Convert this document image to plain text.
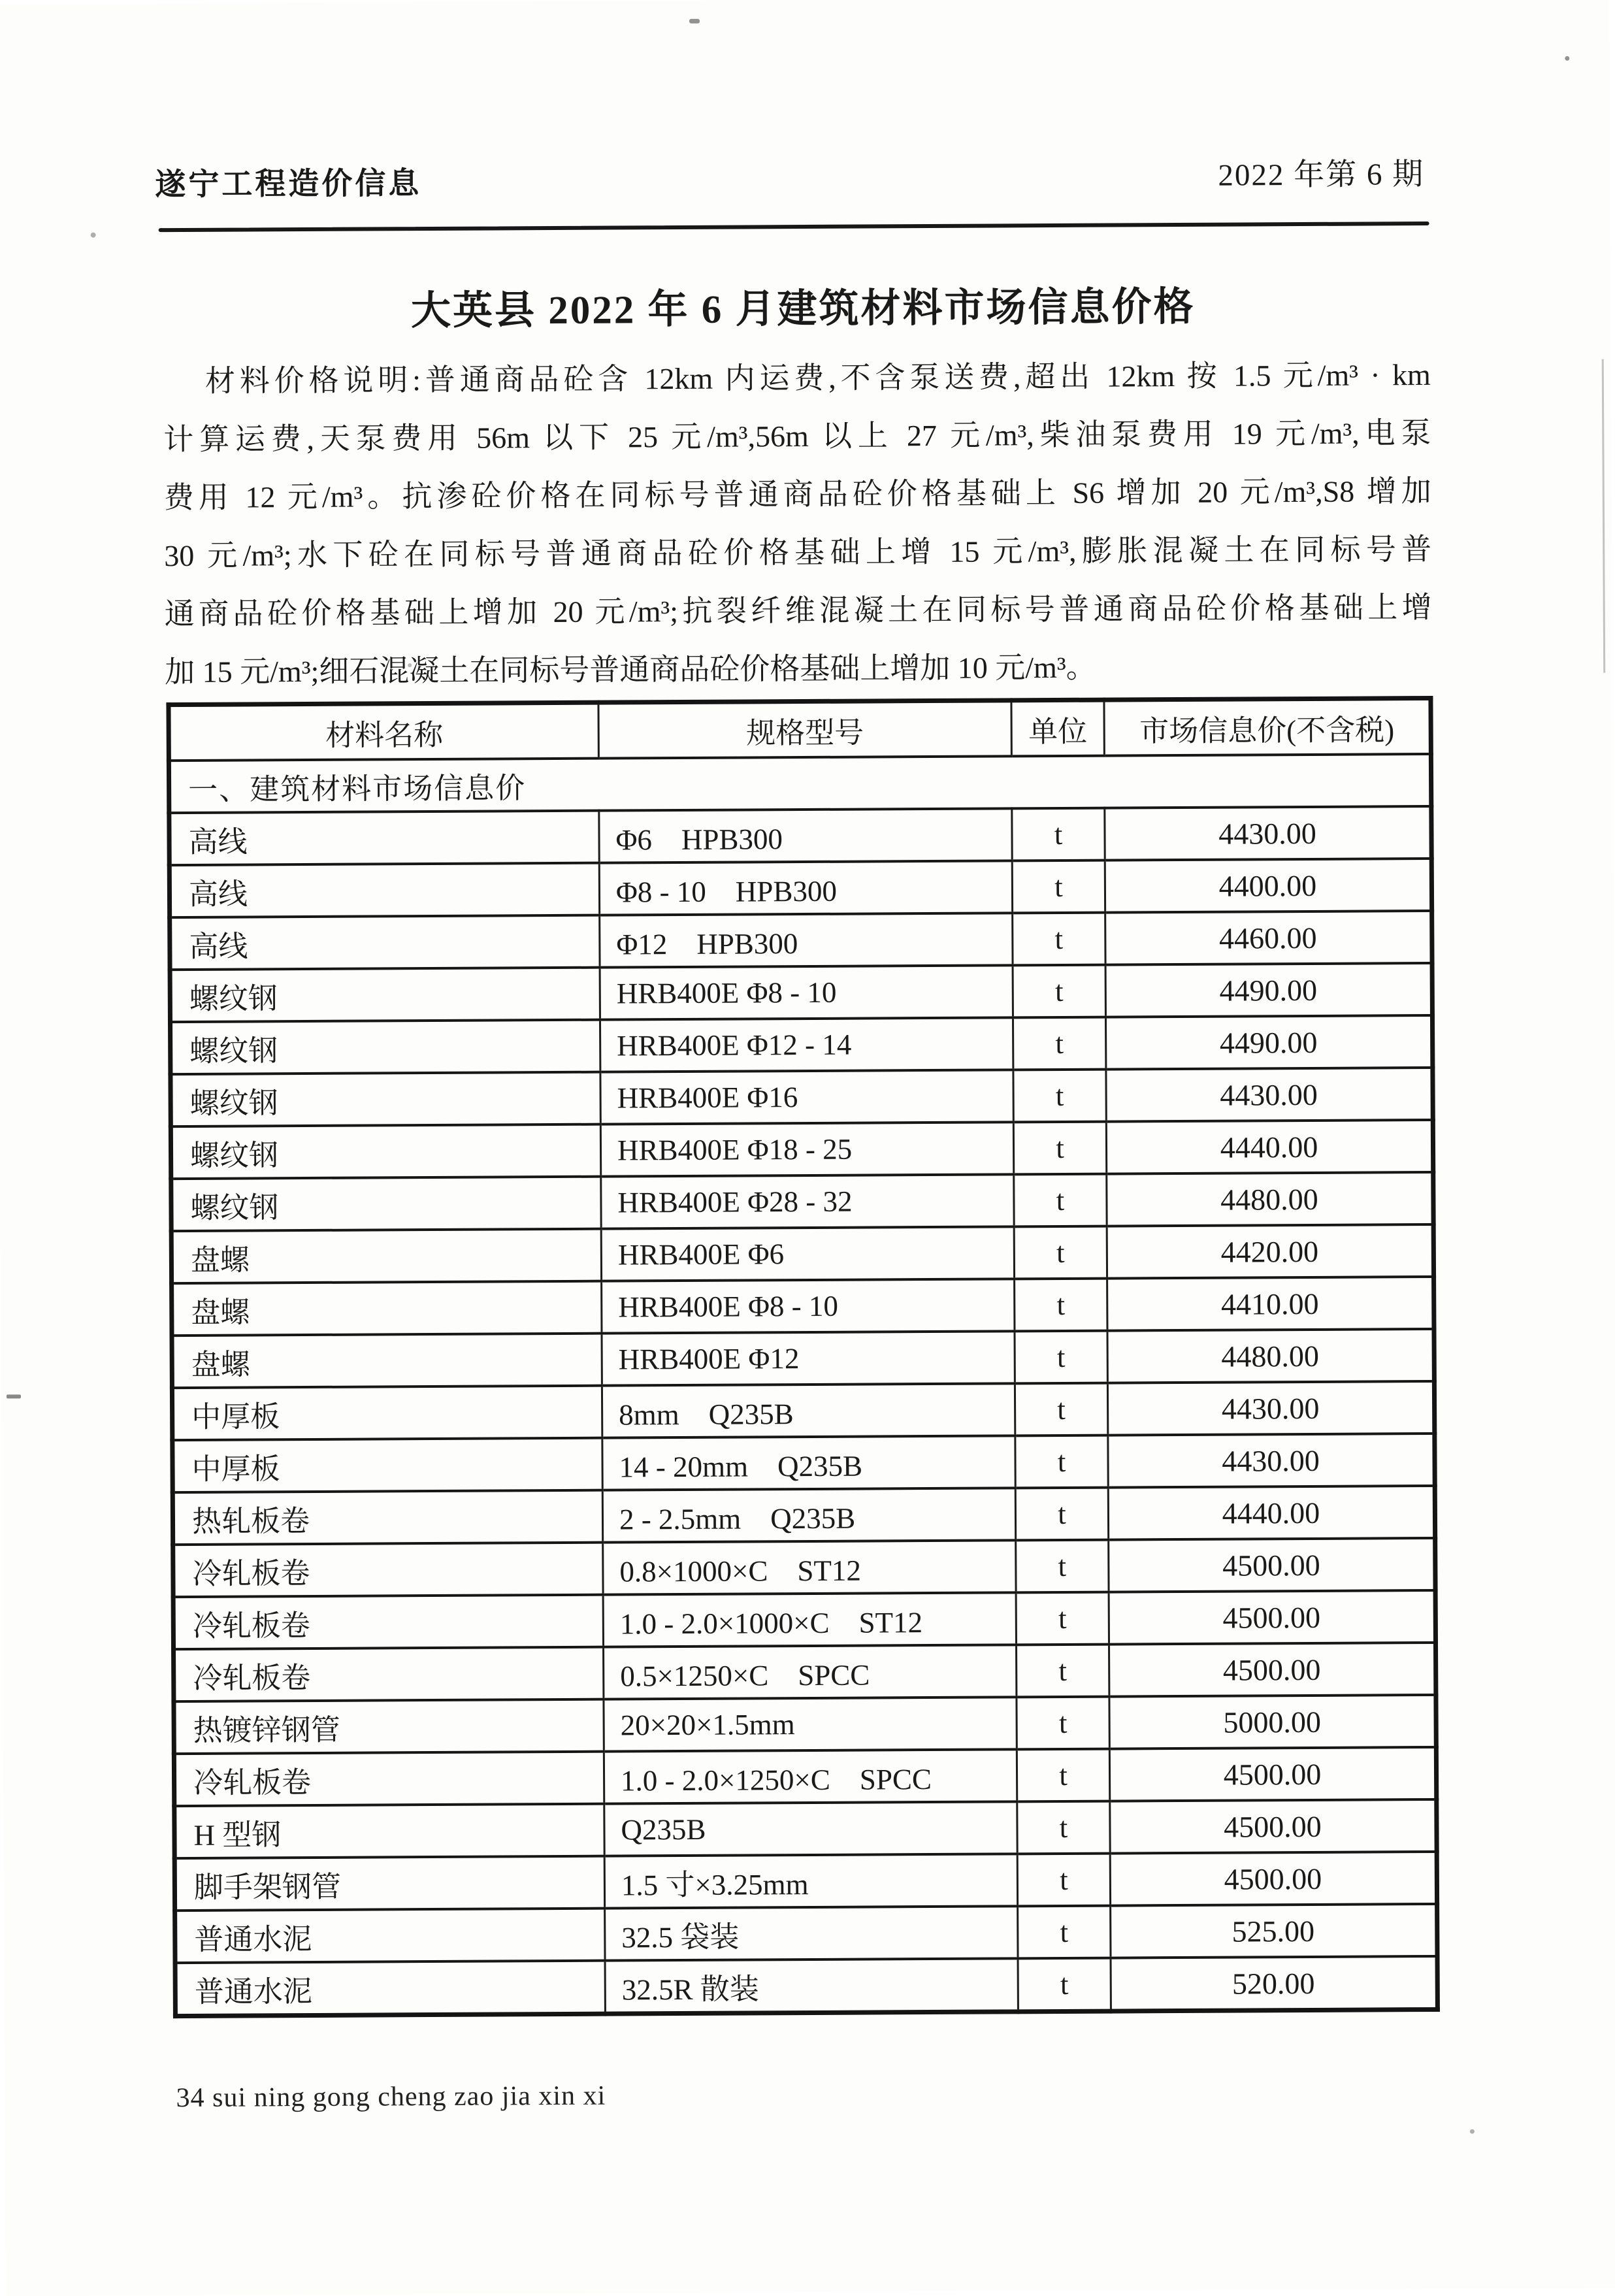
遂宁工程造价信息	2022 年第 6 期
大英县 2022 年 6 月建筑材料市场信息价格
材料价格说明:普通商品砼含 12km 内运费,不含泵送费,超出 12km 按 1.5 元/m³ · km
计算运费,天泵费用 56m 以下 25 元/m³,56m 以上 27 元/m³,柴油泵费用 19 元/m³,电泵
费用 12 元/m³。抗渗砼价格在同标号普通商品砼价格基础上 S6 增加 20 元/m³,S8 增加
30 元/m³;水下砼在同标号普通商品砼价格基础上增 15 元/m³,膨胀混凝土在同标号普
通商品砼价格基础上增加 20 元/m³;抗裂纤维混凝土在同标号普通商品砼价格基础上增
加 15 元/m³;细石混凝土在同标号普通商品砼价格基础上增加 10 元/m³。
材料名称	规格型号	单位	市场信息价(不含税)
一、建筑材料市场信息价			
高线	Φ6　HPB300	t	4430.00
高线	Φ8 - 10　HPB300	t	4400.00
高线	Φ12　HPB300	t	4460.00
螺纹钢	HRB400E Φ8 - 10	t	4490.00
螺纹钢	HRB400E Φ12 - 14	t	4490.00
螺纹钢	HRB400E Φ16	t	4430.00
螺纹钢	HRB400E Φ18 - 25	t	4440.00
螺纹钢	HRB400E Φ28 - 32	t	4480.00
盘螺	HRB400E Φ6	t	4420.00
盘螺	HRB400E Φ8 - 10	t	4410.00
盘螺	HRB400E Φ12	t	4480.00
中厚板	8mm　Q235B	t	4430.00
中厚板	14 - 20mm　Q235B	t	4430.00
热轧板卷	2 - 2.5mm　Q235B	t	4440.00
冷轧板卷	0.8×1000×C　ST12	t	4500.00
冷轧板卷	1.0 - 2.0×1000×C　ST12	t	4500.00
冷轧板卷	0.5×1250×C　SPCC	t	4500.00
热镀锌钢管	20×20×1.5mm	t	5000.00
冷轧板卷	1.0 - 2.0×1250×C　SPCC	t	4500.00
H 型钢	Q235B	t	4500.00
脚手架钢管	1.5 寸×3.25mm	t	4500.00
普通水泥	32.5 袋装	t	525.00
普通水泥	32.5R 散装	t	520.00
34 sui ning gong cheng zao jia xin xi
